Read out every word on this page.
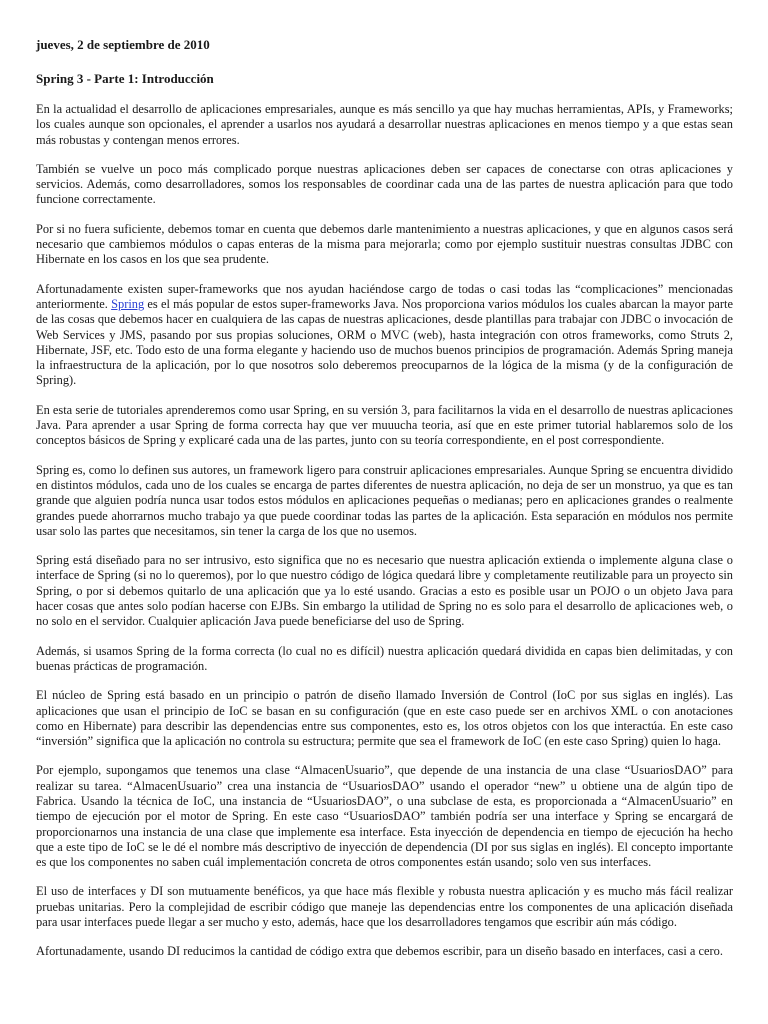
jueves, 2 de septiembre de 2010
Spring 3 - Parte 1: Introducción

En la actualidad el desarrollo de aplicaciones empresariales, aunque es más sencillo ya que hay muchas herramientas, APIs, y Frameworks; los cuales aunque son opcionales, el aprender a usarlos nos ayudará a desarrollar nuestras aplicaciones en menos tiempo y a que estas sean más robustas y contengan menos errores.

También se vuelve un poco más complicado porque nuestras aplicaciones deben ser capaces de conectarse con otras aplicaciones y servicios. Además, como desarrolladores, somos los responsables de coordinar cada una de las partes de nuestra aplicación para que todo funcione correctamente.

Por si no fuera suficiente, debemos tomar en cuenta que debemos darle mantenimiento a nuestras aplicaciones, y que en algunos casos será necesario que cambiemos módulos o capas enteras de la misma para mejorarla; como por ejemplo sustituir nuestras consultas JDBC con Hibernate en los casos en los que sea prudente.

Afortunadamente existen super-frameworks que nos ayudan haciéndose cargo de todas o casi todas las “complicaciones” mencionadas anteriormente. Spring es el más popular de estos super-frameworks Java. Nos proporciona varios módulos los cuales abarcan la mayor parte de las cosas que debemos hacer en cualquiera de las capas de nuestras aplicaciones, desde plantillas para trabajar con JDBC o invocación de Web Services y JMS, pasando por sus propias soluciones, ORM o MVC (web), hasta integración con otros frameworks, como Struts 2, Hibernate, JSF, etc. Todo esto de una forma elegante y haciendo uso de muchos buenos principios de programación. Además Spring maneja la infraestructura de la aplicación, por lo que nosotros solo deberemos preocuparnos de la lógica de la misma (y de la configuración de Spring).

En esta serie de tutoriales aprenderemos como usar Spring, en su versión 3, para facilitarnos la vida en el desarrollo de nuestras aplicaciones Java. Para aprender a usar Spring de forma correcta hay que ver muuucha teoria, así que en este primer tutorial hablaremos solo de los conceptos básicos de Spring y explicaré cada una de las partes, junto con su teoría correspondiente, en el post correspondiente.

Spring es, como lo definen sus autores, un framework ligero para construir aplicaciones empresariales. Aunque Spring se encuentra dividido en distintos módulos, cada uno de los cuales se encarga de partes diferentes de nuestra aplicación, no deja de ser un monstruo, ya que es tan grande que alguien podría nunca usar todos estos módulos en aplicaciones pequeñas o medianas; pero en aplicaciones grandes o realmente grandes puede ahorrarnos mucho trabajo ya que puede coordinar todas las partes de la aplicación. Esta separación en módulos nos permite usar solo las partes que necesitamos, sin tener la carga de los que no usemos.

Spring está diseñado para no ser intrusivo, esto significa que no es necesario que nuestra aplicación extienda o implemente alguna clase o interface de Spring (si no lo queremos), por lo que nuestro código de lógica quedará libre y completamente reutilizable para un proyecto sin Spring, o por si debemos quitarlo de una aplicación que ya lo esté usando. Gracias a esto es posible usar un POJO o un objeto Java para hacer cosas que antes solo podían hacerse con EJBs. Sin embargo la utilidad de Spring no es solo para el desarrollo de aplicaciones web, o no solo en el servidor. Cualquier aplicación Java puede beneficiarse del uso de Spring.

Además, si usamos Spring de la forma correcta (lo cual no es difícil) nuestra aplicación quedará dividida en capas bien delimitadas, y con buenas prácticas de programación.

El núcleo de Spring está basado en un principio o patrón de diseño llamado Inversión de Control (IoC por sus siglas en inglés). Las aplicaciones que usan el principio de IoC se basan en su configuración (que en este caso puede ser en archivos XML o con anotaciones como en Hibernate) para describir las dependencias entre sus componentes, esto es, los otros objetos con los que interactúa. En este caso “inversión” significa que la aplicación no controla su estructura; permite que sea el framework de IoC (en este caso Spring) quien lo haga.

Por ejemplo, supongamos que tenemos una clase “AlmacenUsuario”, que depende de una instancia de una clase “UsuariosDAO” para realizar su tarea. “AlmacenUsuario” crea una instancia de “UsuariosDAO” usando el operador “new” u obtiene una de algún tipo de Fabrica. Usando la técnica de IoC, una instancia de “UsuariosDAO”, o una subclase de esta, es proporcionada a “AlmacenUsuario” en tiempo de ejecución por el motor de Spring. En este caso “UsuariosDAO” también podría ser una interface y Spring se encargará de proporcionarnos una instancia de una clase que implemente esa interface. Esta inyección de dependencia en tiempo de ejecución ha hecho que a este tipo de IoC se le dé el nombre más descriptivo de inyección de dependencia (DI por sus siglas en inglés). El concepto importante es que los componentes no saben cuál implementación concreta de otros componentes están usando; solo ven sus interfaces.

El uso de interfaces y DI son mutuamente benéficos, ya que hace más flexible y robusta nuestra aplicación y es mucho más fácil realizar pruebas unitarias. Pero la complejidad de escribir código que maneje las dependencias entre los componentes de una aplicación diseñada para usar interfaces puede llegar a ser mucho y esto, además, hace que los desarrolladores tengamos que escribir aún más código.

Afortunadamente, usando DI reducimos la cantidad de código extra que debemos escribir, para un diseño basado en interfaces, casi a cero.
